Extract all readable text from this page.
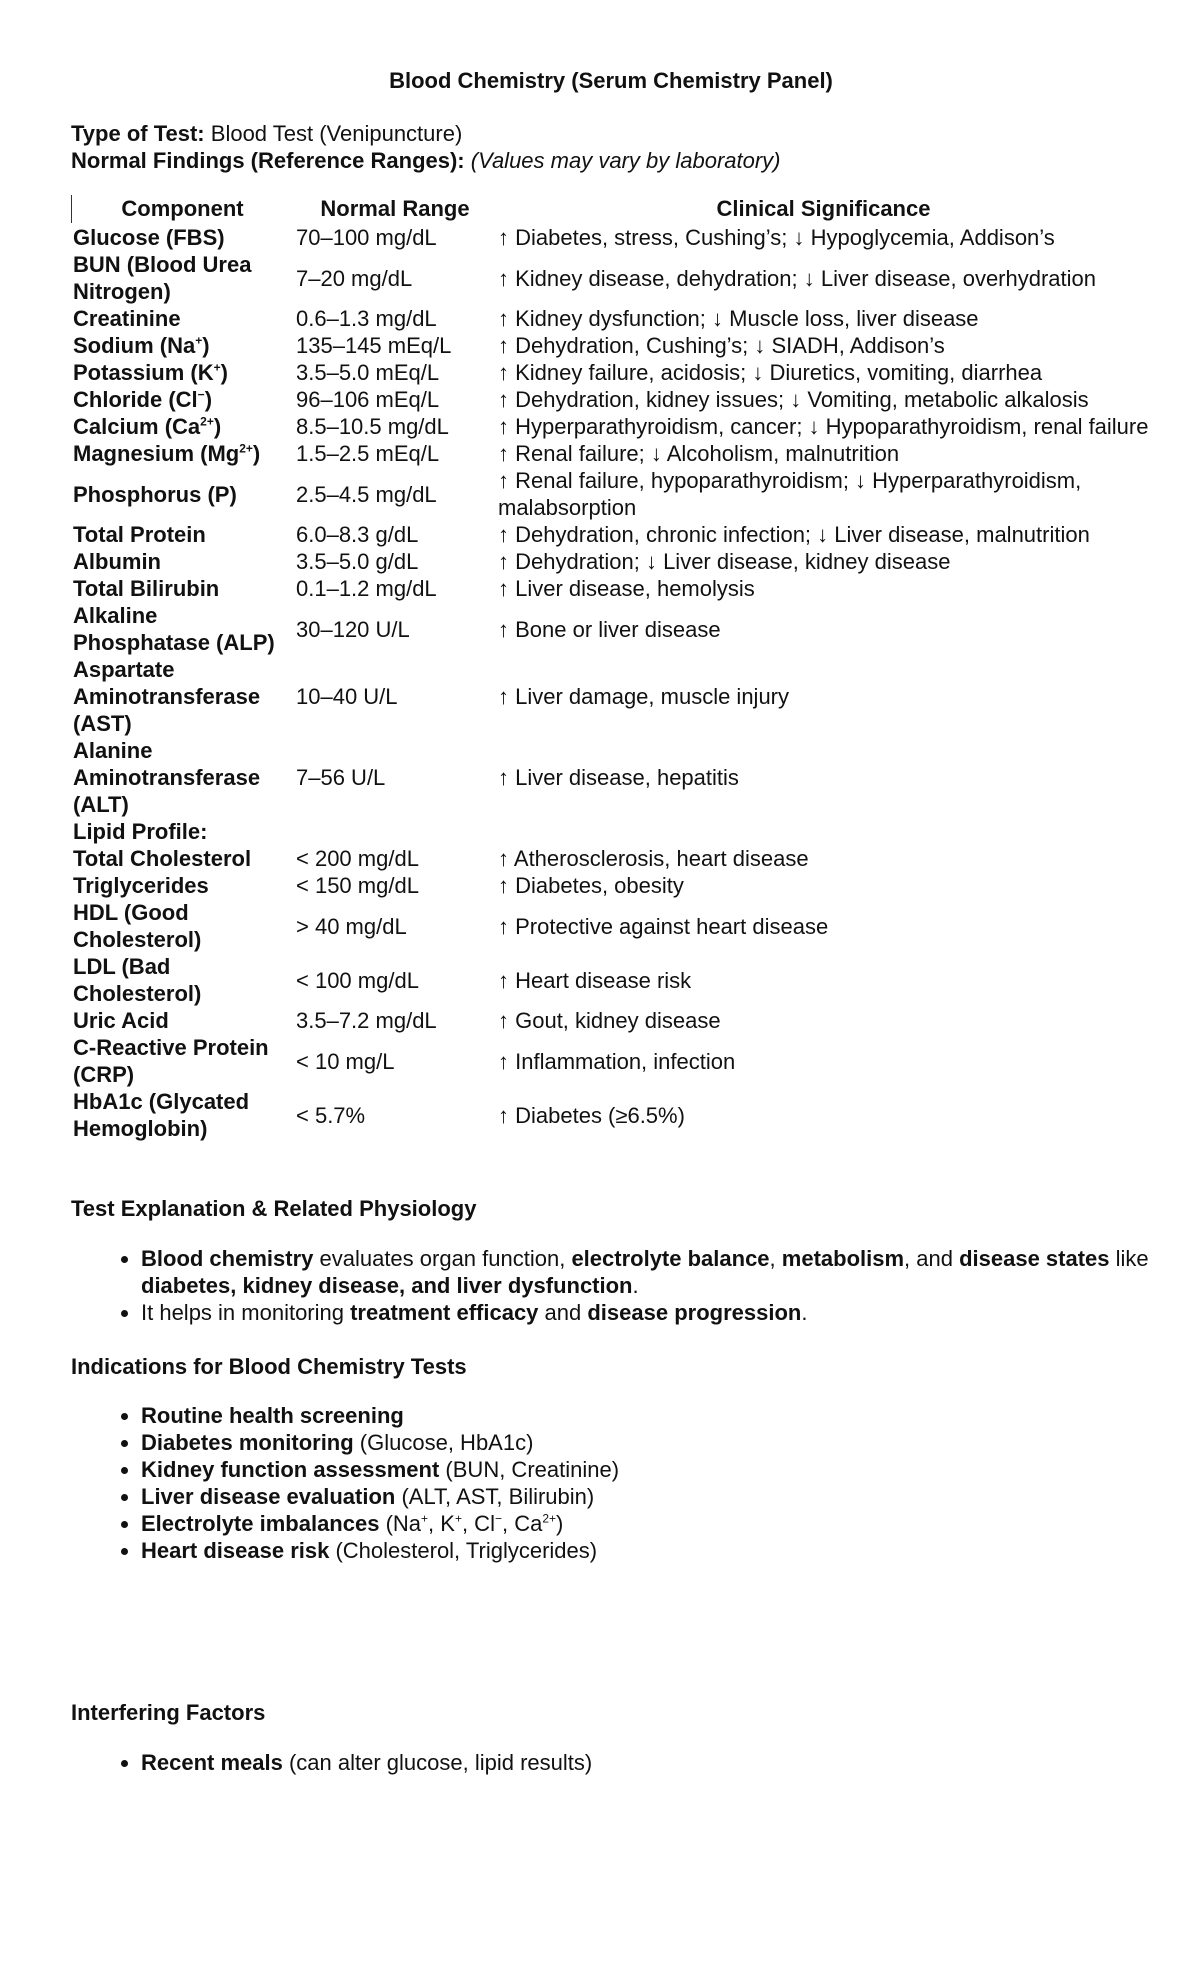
Blood Chemistry (Serum Chemistry Panel)

Type of Test: Blood Test (Venipuncture)

Normal Findings (Reference Ranges): (Values may vary by laboratory)

Component	Normal Range	Clinical Significance
Glucose (FBS)	70–100 mg/dL	↑ Diabetes, stress, Cushing’s; ↓ Hypoglycemia, Addison’s
BUN (Blood Urea Nitrogen)	7–20 mg/dL	↑ Kidney disease, dehydration; ↓ Liver disease, overhydration
Creatinine	0.6–1.3 mg/dL	↑ Kidney dysfunction; ↓ Muscle loss, liver disease
Sodium (Na+)	135–145 mEq/L	↑ Dehydration, Cushing’s; ↓ SIADH, Addison’s
Potassium (K+)	3.5–5.0 mEq/L	↑ Kidney failure, acidosis; ↓ Diuretics, vomiting, diarrhea
Chloride (Cl−)	96–106 mEq/L	↑ Dehydration, kidney issues; ↓ Vomiting, metabolic alkalosis
Calcium $(Ca^{2+})$	8.5–10.5 mg/dL	↑ Hyperparathyroidism, cancer; ↓ Hypoparathyroidism, renal failure
Magnesium $(Mg^{2+})$	1.5–2.5 mEq/L	↑ Renal failure; ↓ Alcoholism, malnutrition
Phosphorus (P)	2.5–4.5 mg/dL	↑ Renal failure, hypoparathyroidism; ↓ Hyperparathyroidism, malabsorption
Total Protein	6.0–8.3 g/dL	↑ Dehydration, chronic infection; ↓ Liver disease, malnutrition
Albumin	3.5–5.0 g/dL	↑ Dehydration; ↓ Liver disease, kidney disease
Total Bilirubin	0.1–1.2 mg/dL	↑ Liver disease, hemolysis
Alkaline Phosphatase (ALP)	30–120 U/L	↑ Bone or liver disease
Aspartate Aminotransferase (AST)	10–40 U/L	↑ Liver damage, muscle injury
Alanine Aminotransferase (ALT)	7–56 U/L	↑ Liver disease, hepatitis
Lipid Profile:		
Total Cholesterol	< 200 mg/dL	↑ Atherosclerosis, heart disease
Triglycerides	< 150 mg/dL	↑ Diabetes, obesity
HDL (Good Cholesterol)	> 40 mg/dL	↑ Protective against heart disease
LDL (Bad Cholesterol)	< 100 mg/dL	↑ Heart disease risk
Uric Acid	3.5–7.2 mg/dL	↑ Gout, kidney disease
C-Reactive Protein (CRP)	< 10 mg/L	↑ Inflammation, infection
HbA1c (Glycated Hemoglobin)	< 5.7%	↑ Diabetes (≥6.5%)
Test Explanation & Related Physiology
• Blood chemistry evaluates organ function, electrolyte balance, metabolism, and disease states like diabetes, kidney disease, and liver dysfunction.
• It helps in monitoring treatment efficacy and disease progression.
Indications for Blood Chemistry Tests
• Routine health screening
• Diabetes monitoring (Glucose, HbA1c)
• Kidney function assessment (BUN, Creatinine)
• Liver disease evaluation (ALT, AST, Bilirubin)
• Electrolyte imbalances (Na+, K+, Cl−, $Ca^{2+}$)
• Heart disease risk (Cholesterol, Triglycerides)
Interfering Factors
• Recent meals (can alter glucose, lipid results)
